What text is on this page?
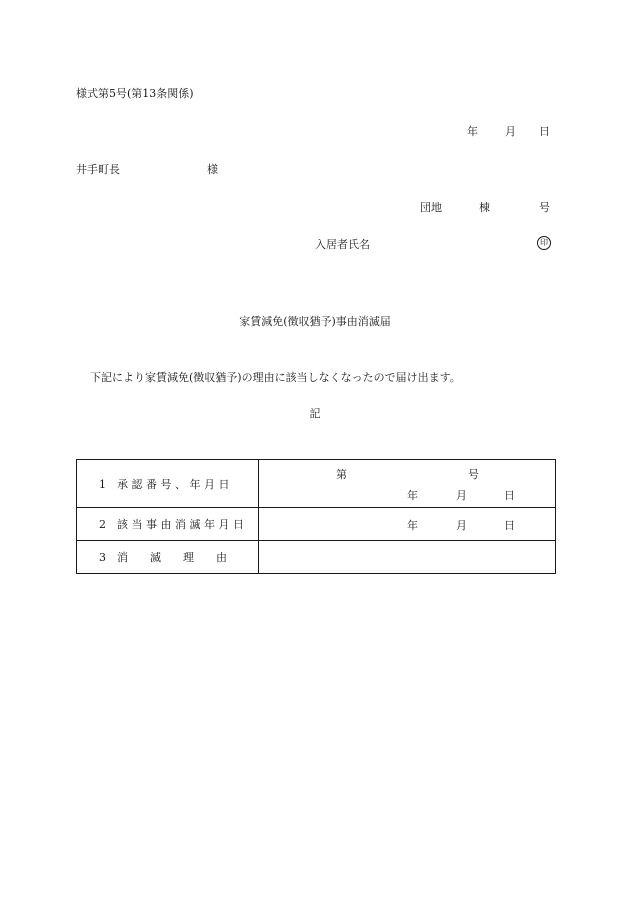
様式第5号(第13条関係)
年 月 日
井手町長	様
団地	棟	号
入居者氏名	印
家賃減免(徴収猶予)事由消滅届
下記により家賃減免(徴収猶予)の理由に該当しなくなったので届け出ます。
記
1　承 認 番 号 、 年 月 日	第 号
年 月 日

2　該 当 事 由 消 滅 年 月 日	年 月 日

3　消　　滅　　理　　由	
